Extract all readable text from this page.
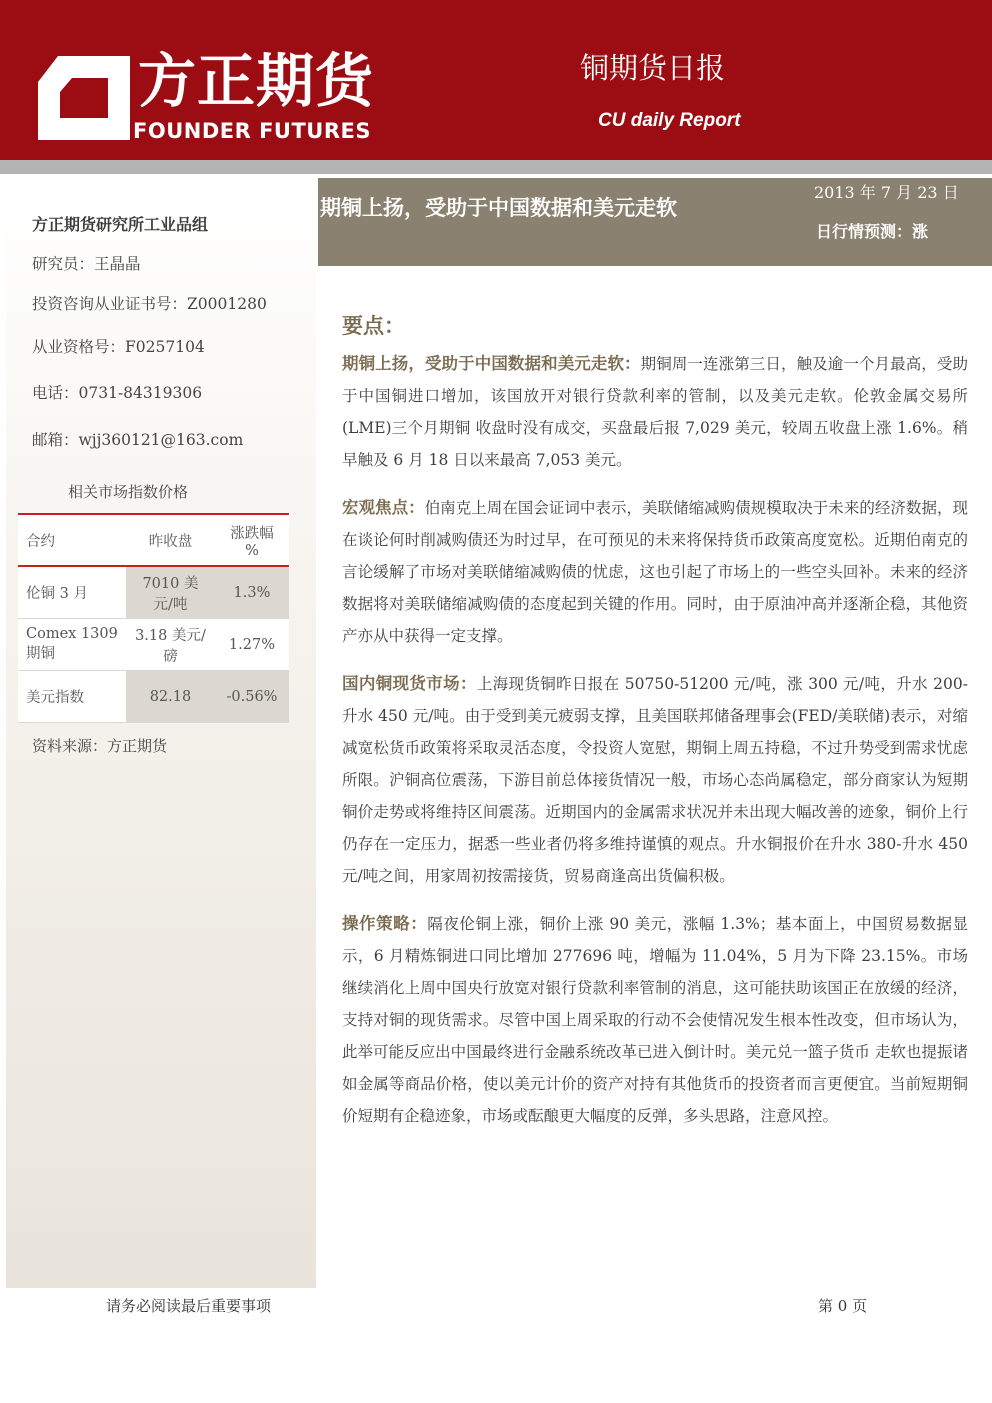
方正期货
FOUNDER FUTURES
铜期货日报
CU daily Report
方正期货研究所工业品组
研究员：王晶晶
投资咨询从业证书号：Z0001280
从业资格号：F0257104
电话：0731-84319306
邮箱：wjj360121@163.com
相关市场指数价格
合约	昨收盘	涨跌幅 %
伦铜 3 月	7010 美元/吨	1.3%
Comex 1309 期铜	3.18 美元/磅	1.27%
美元指数	82.18	-0.56%
资料来源：方正期货
期铜上扬，受助于中国数据和美元走软
2013 年 7 月 23 日
日行情预测：涨
要点：

期铜上扬，受助于中国数据和美元走软：期铜周一连涨第三日，触及逾一个月最高，受助于中国铜进口增加，该国放开对银行贷款利率的管制，以及美元走软。伦敦金属交易所(LME)三个月期铜 收盘时没有成交，买盘最后报 7,029 美元，较周五收盘上涨 1.6%。稍早触及 6 月 18 日以来最高 7,053 美元。

宏观焦点：伯南克上周在国会证词中表示，美联储缩减购债规模取决于未来的经济数据，现在谈论何时削减购债还为时过早，在可预见的未来将保持货币政策高度宽松。近期伯南克的言论缓解了市场对美联储缩减购债的忧虑，这也引起了市场上的一些空头回补。未来的经济数据将对美联储缩减购债的态度起到关键的作用。同时，由于原油冲高并逐渐企稳，其他资产亦从中获得一定支撑。

国内铜现货市场：上海现货铜昨日报在 50750-51200 元/吨，涨 300 元/吨，升水 200-升水 450 元/吨。由于受到美元疲弱支撑，且美国联邦储备理事会(FED/美联储)表示，对缩减宽松货币政策将采取灵活态度，令投资人宽慰，期铜上周五持稳，不过升势受到需求忧虑所限。沪铜高位震荡，下游目前总体接货情况一般，市场心态尚属稳定，部分商家认为短期铜价走势或将维持区间震荡。近期国内的金属需求状况并未出现大幅改善的迹象，铜价上行仍存在一定压力，据悉一些业者仍将多维持谨慎的观点。升水铜报价在升水 380-升水 450 元/吨之间，用家周初按需接货，贸易商逢高出货偏积极。

操作策略：隔夜伦铜上涨，铜价上涨 90 美元，涨幅 1.3%；基本面上，中国贸易数据显示，6 月精炼铜进口同比增加 277696 吨，增幅为 11.04%，5 月为下降 23.15%。市场继续消化上周中国央行放宽对银行贷款利率管制的消息，这可能扶助该国正在放缓的经济，支持对铜的现货需求。尽管中国上周采取的行动不会使情况发生根本性改变，但市场认为，此举可能反应出中国最终进行金融系统改革已进入倒计时。美元兑一篮子货币 走软也提振诸如金属等商品价格，使以美元计价的资产对持有其他货币的投资者而言更便宜。当前短期铜价短期有企稳迹象，市场或酝酿更大幅度的反弹，多头思路，注意风控。

请务必阅读最后重要事项	第 0 页
